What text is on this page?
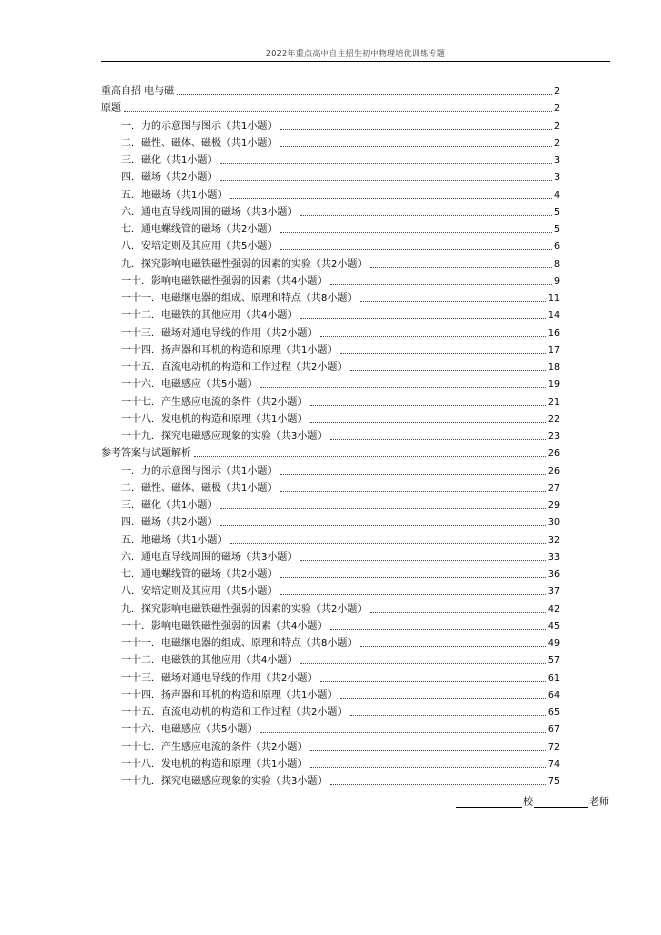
2022年重点高中自主招生初中物理培优训练专题
重高自招 电与磁	2
原题	2
一．力的示意图与图示（共1小题）	2
二．磁性、磁体、磁极（共1小题）	2
三．磁化（共1小题）	3
四．磁场（共2小题）	3
五．地磁场（共1小题）	4
六．通电直导线周围的磁场（共3小题）	5
七．通电螺线管的磁场（共2小题）	5
八．安培定则及其应用（共5小题）	6
九．探究影响电磁铁磁性强弱的因素的实验（共2小题）	8
一十．影响电磁铁磁性强弱的因素（共4小题）	9
一十一．电磁继电器的组成、原理和特点（共8小题）	11
一十二．电磁铁的其他应用（共4小题）	14
一十三．磁场对通电导线的作用（共2小题）	16
一十四．扬声器和耳机的构造和原理（共1小题）	17
一十五．直流电动机的构造和工作过程（共2小题）	18
一十六．电磁感应（共5小题）	19
一十七．产生感应电流的条件（共2小题）	21
一十八．发电机的构造和原理（共1小题）	22
一十九．探究电磁感应现象的实验（共3小题）	23
参考答案与试题解析	26
一．力的示意图与图示（共1小题）	26
二．磁性、磁体、磁极（共1小题）	27
三．磁化（共1小题）	29
四．磁场（共2小题）	30
五．地磁场（共1小题）	32
六．通电直导线周围的磁场（共3小题）	33
七．通电螺线管的磁场（共2小题）	36
八．安培定则及其应用（共5小题）	37
九．探究影响电磁铁磁性强弱的因素的实验（共2小题）	42
一十．影响电磁铁磁性强弱的因素（共4小题）	45
一十一．电磁继电器的组成、原理和特点（共8小题）	49
一十二．电磁铁的其他应用（共4小题）	57
一十三．磁场对通电导线的作用（共2小题）	61
一十四．扬声器和耳机的构造和原理（共1小题）	64
一十五．直流电动机的构造和工作过程（共2小题）	65
一十六．电磁感应（共5小题）	67
一十七．产生感应电流的条件（共2小题）	72
一十八．发电机的构造和原理（共1小题）	74
一十九．探究电磁感应现象的实验（共3小题）	75
校	老师
